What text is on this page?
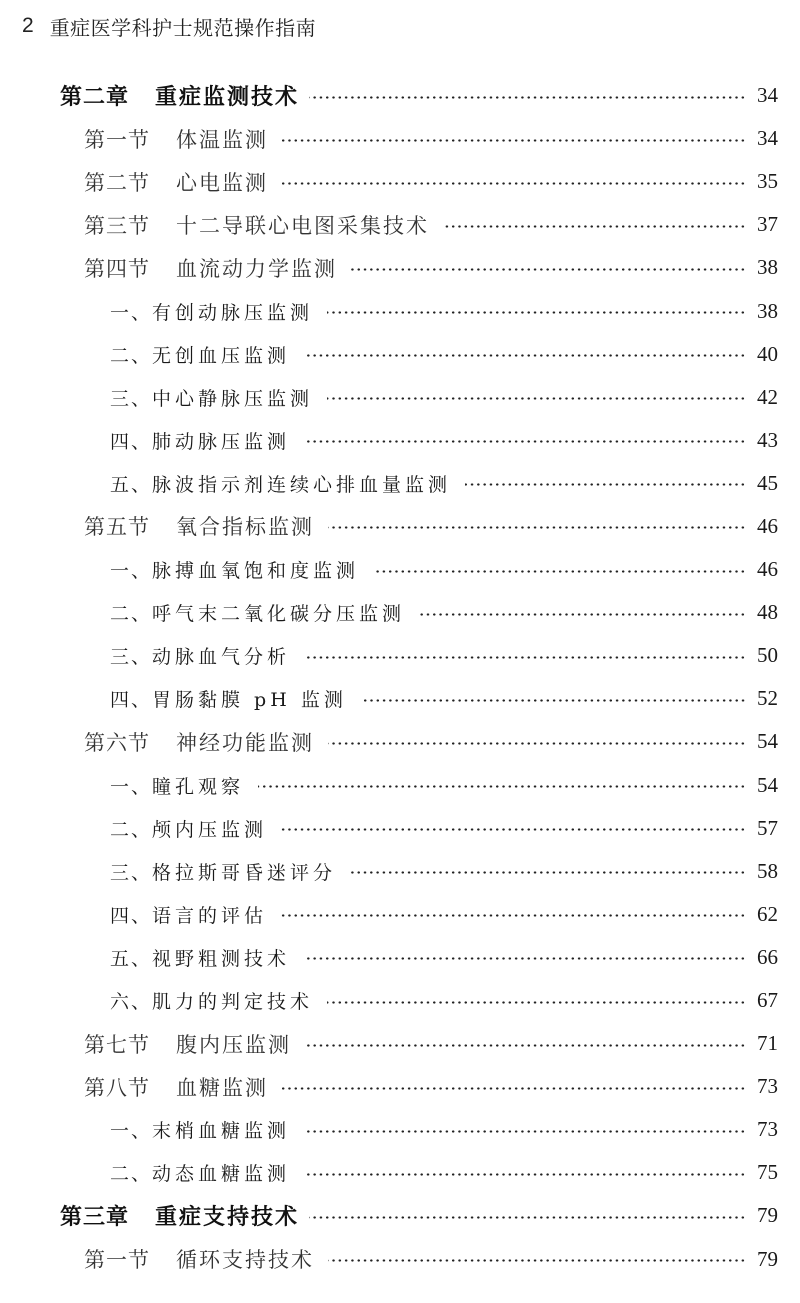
2 重症医学科护士规范操作指南
第二章 重症监测技术	34
第一节 体温监测	34
第二节 心电监测	35
第三节 十二导联心电图采集技术	37
第四节 血流动力学监测	38
一、 有创动脉压监测	38
二、 无创血压监测	40
三、 中心静脉压监测	42
四、 肺动脉压监测	43
五、 脉波指示剂连续心排血量监测	45
第五节 氧合指标监测	46
一、 脉搏血氧饱和度监测	46
二、 呼气末二氧化碳分压监测	48
三、 动脉血气分析	50
四、 胃肠黏膜 pH 监测	52
第六节 神经功能监测	54
一、 瞳孔观察	54
二、 颅内压监测	57
三、 格拉斯哥昏迷评分	58
四、 语言的评估	62
五、 视野粗测技术	66
六、 肌力的判定技术	67
第七节 腹内压监测	71
第八节 血糖监测	73
一、 末梢血糖监测	73
二、 动态血糖监测	75
第三章 重症支持技术	79
第一节 循环支持技术	79
